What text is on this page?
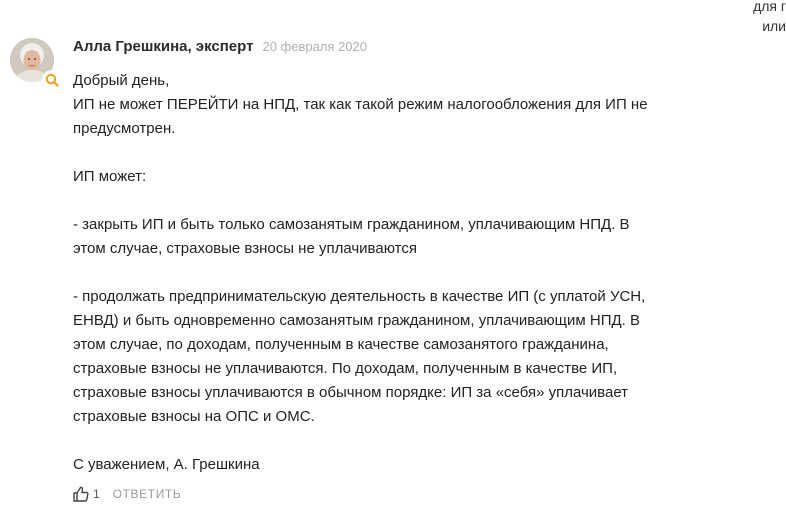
для г
или
Алла Грешкина, эксперт 20 февраля 2020

Добрый день,

ИП не может ПЕРЕЙТИ на НПД, так как такой режим налогообложения для ИП не

предусмотрен.

ИП может:

- закрыть ИП и быть только самозанятым гражданином, уплачивающим НПД. В

этом случае, страховые взносы не уплачиваются

- продолжать предпринимательскую деятельность в качестве ИП (с уплатой УСН,

ЕНВД) и быть одновременно самозанятым гражданином, уплачивающим НПД. В

этом случае, по доходам, полученным в качестве самозанятого гражданина,

страховые взносы не уплачиваются. По доходам, полученным в качестве ИП,

страховые взносы уплачиваются в обычном порядке: ИП за «себя» уплачивает

страховые взносы на ОПС и ОМС.

С уважением, А. Грешкина

1 ОТВЕТИТЬ
